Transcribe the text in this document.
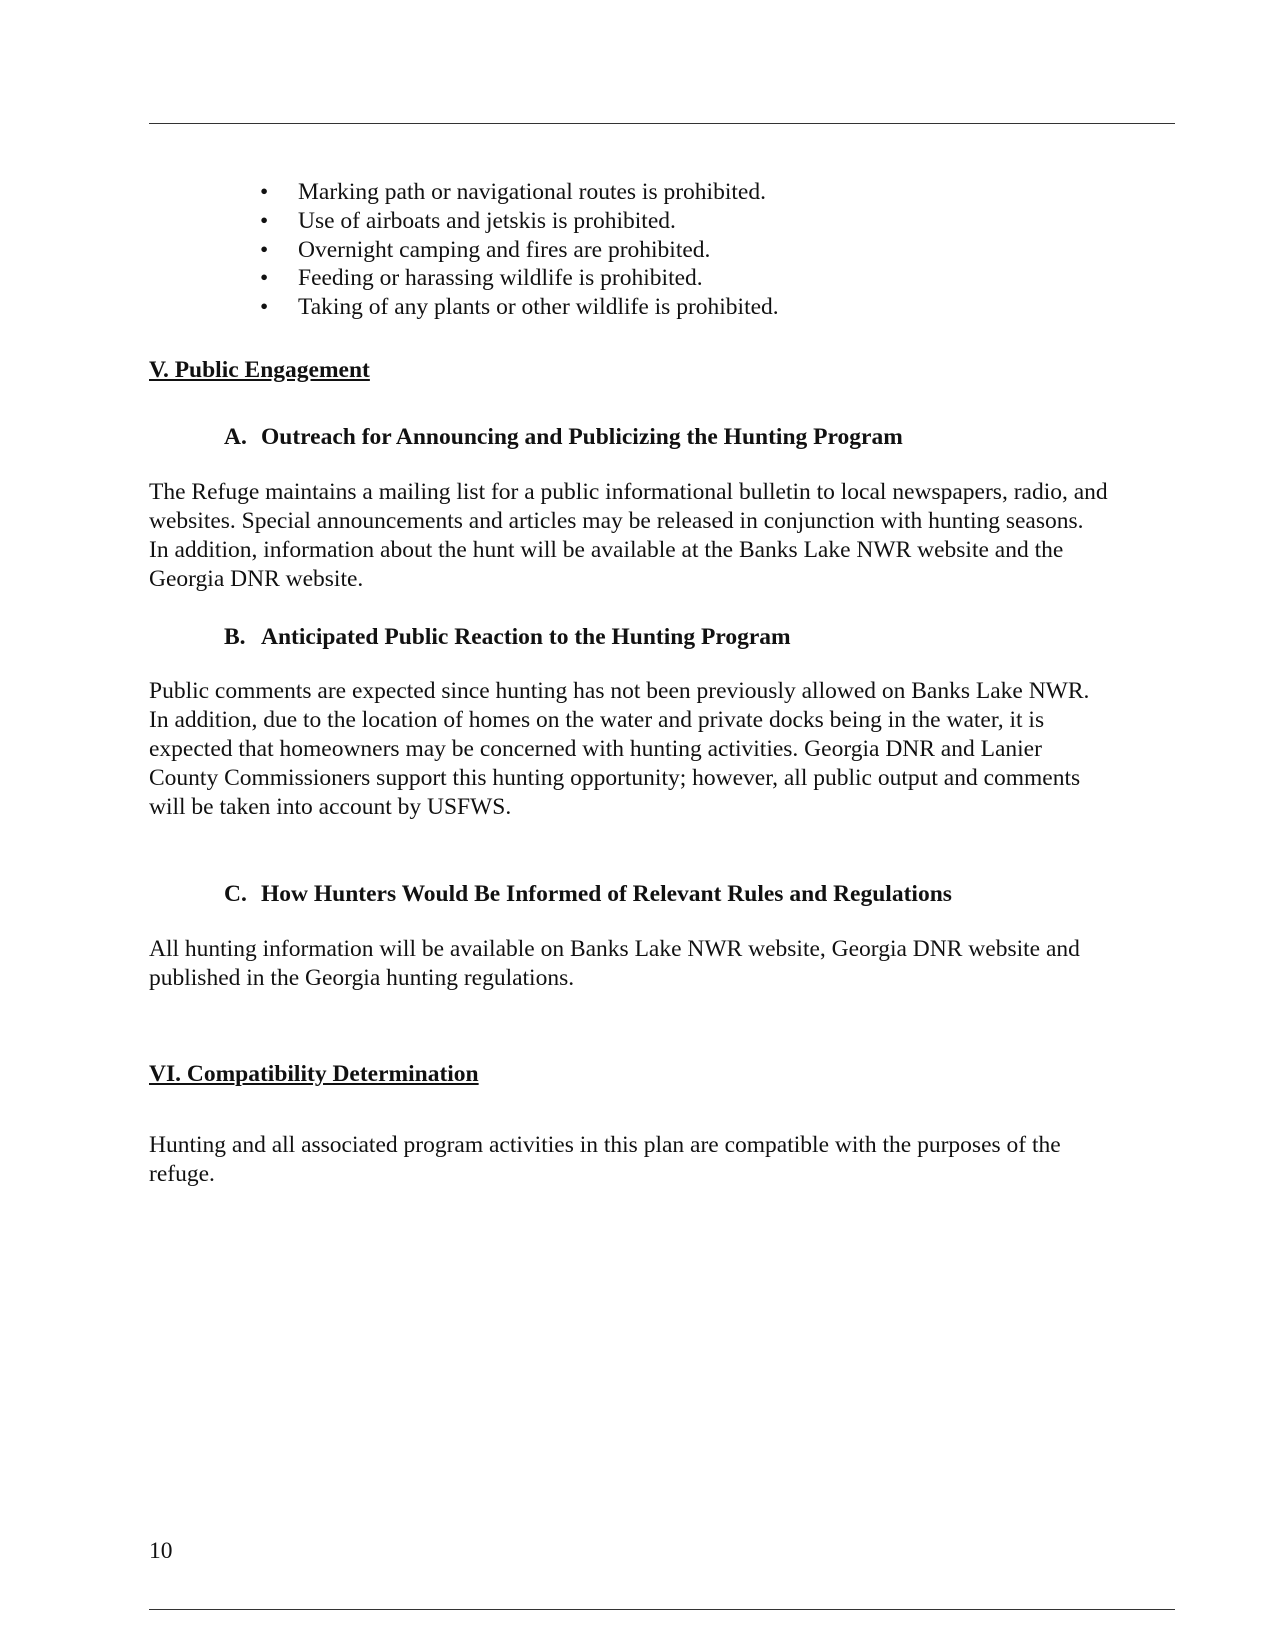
• Marking path or navigational routes is prohibited.
• Use of airboats and jetskis is prohibited.
• Overnight camping and fires are prohibited.
• Feeding or harassing wildlife is prohibited.
• Taking of any plants or other wildlife is prohibited.
V. Public Engagement
A. Outreach for Announcing and Publicizing the Hunting Program
The Refuge maintains a mailing list for a public informational bulletin to local newspapers, radio, and
websites. Special announcements and articles may be released in conjunction with hunting seasons.
In addition, information about the hunt will be available at the Banks Lake NWR website and the
Georgia DNR website.
B. Anticipated Public Reaction to the Hunting Program
Public comments are expected since hunting has not been previously allowed on Banks Lake NWR.
In addition, due to the location of homes on the water and private docks being in the water, it is
expected that homeowners may be concerned with hunting activities. Georgia DNR and Lanier
County Commissioners support this hunting opportunity; however, all public output and comments
will be taken into account by USFWS.
C. How Hunters Would Be Informed of Relevant Rules and Regulations
All hunting information will be available on Banks Lake NWR website, Georgia DNR website and
published in the Georgia hunting regulations.
VI. Compatibility Determination
Hunting and all associated program activities in this plan are compatible with the purposes of the
refuge.
10
